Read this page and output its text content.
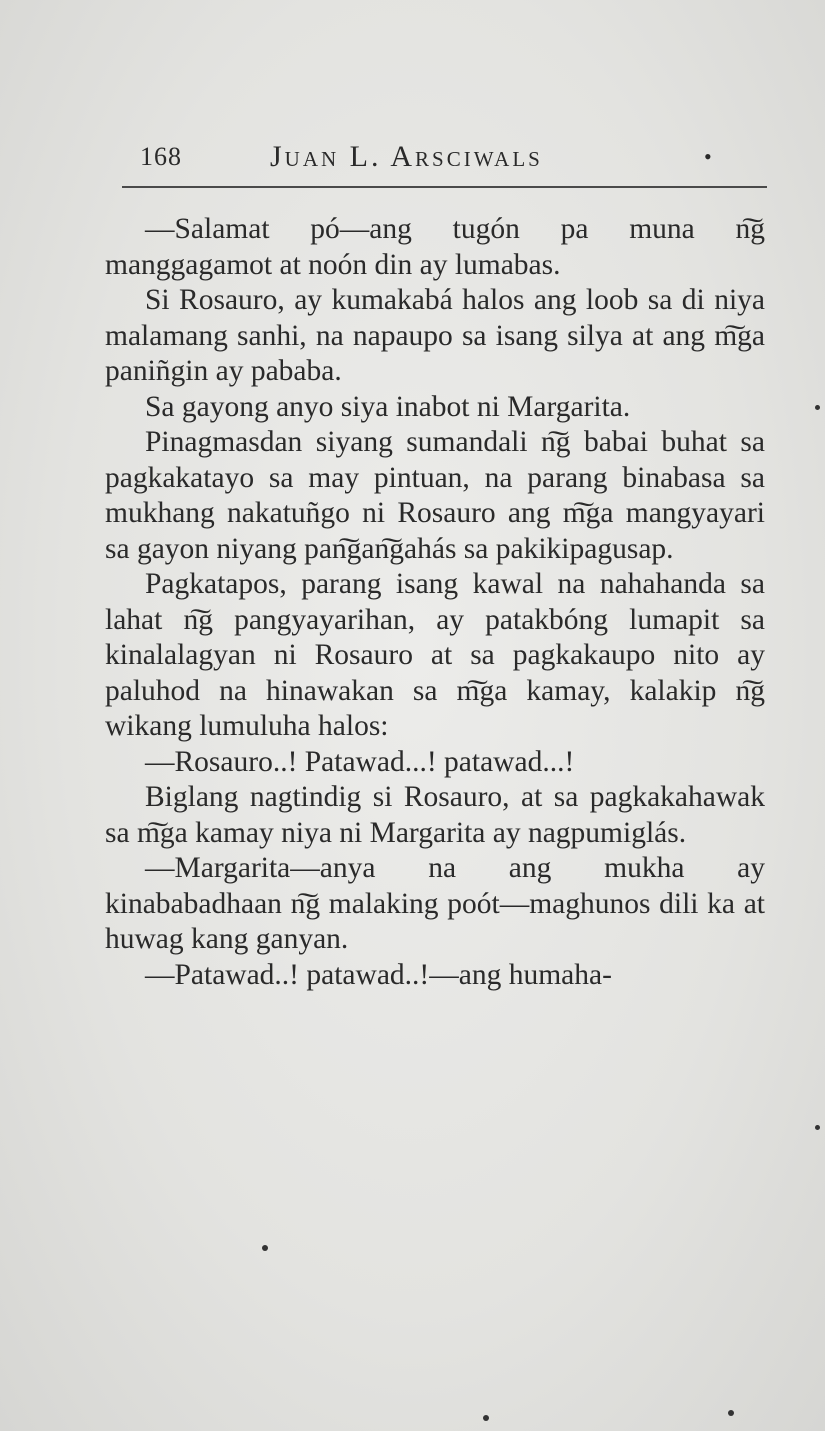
168	Juan L. Arsciwals	•

—Salamat pó—ang tugón pa muna n͠g manggagamot at noón din ay lumabas.

Si Rosauro, ay kumakabá halos ang loob sa di niya malamang sanhi, na napaupo sa isang silya at ang m͠ga paniñgin ay pababa.

Sa gayong anyo siya inabot ni Margarita.

Pinagmasdan siyang sumandali n͠g babai buhat sa pagkakatayo sa may pintuan, na parang binabasa sa mukhang nakatuñgo ni Rosauro ang m͠ga mangyayari sa gayon niyang pan͠gan͠gahás sa pakikipagusap.

Pagkatapos, parang isang kawal na nahahanda sa lahat n͠g pangyayarihan, ay patakbóng lumapit sa kinalalagyan ni Rosauro at sa pagkakaupo nito ay paluhod na hinawakan sa m͠ga kamay, kalakip n͠g wikang lumuluha halos:

—Rosauro..! Patawad...! patawad...!

Biglang nagtindig si Rosauro, at sa pagkakahawak sa m͠ga kamay niya ni Margarita ay nagpumiglás.

—Margarita—anya na ang mukha ay kinababadhaan n͠g malaking poót—maghunos dili ka at huwag kang ganyan.

—Patawad..! patawad..!—ang humaha-
